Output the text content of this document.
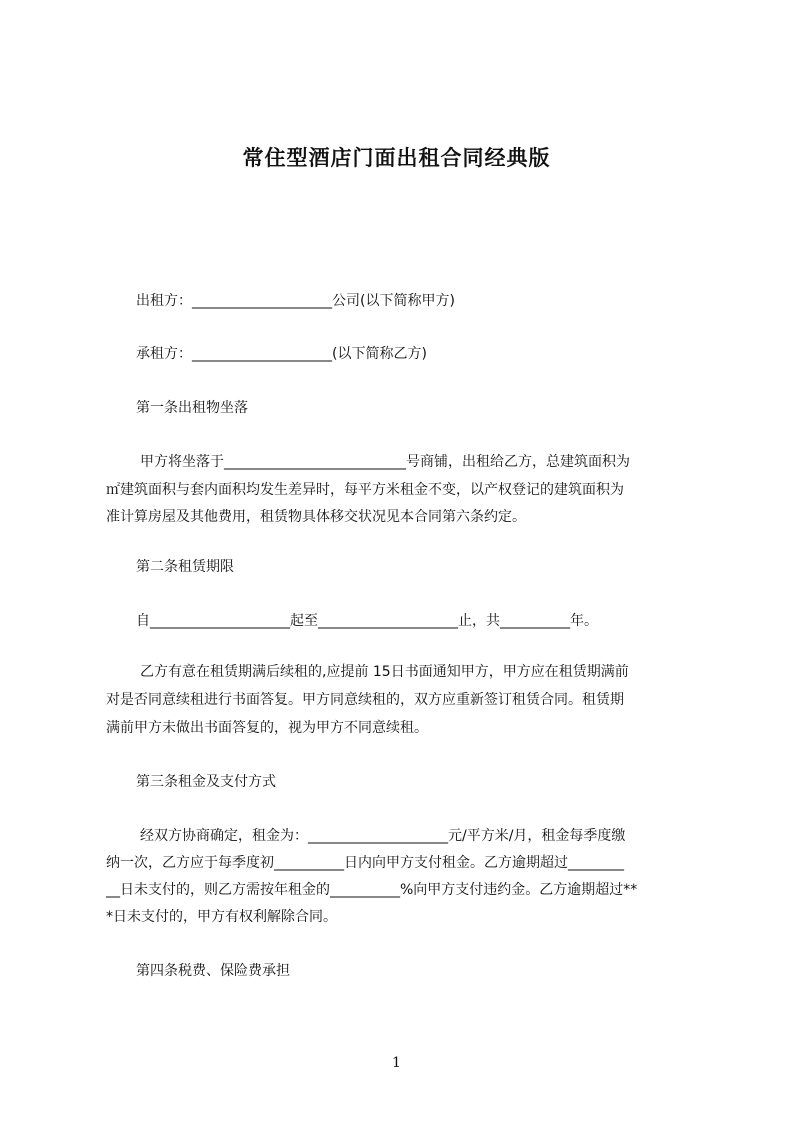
常住型酒店门面出租合同经典版
出租方：____________________公司(以下简称甲方)
承租方：____________________(以下简称乙方)
第一条出租物坐落
甲方将坐落于__________________________号商铺，出租给乙方，总建筑面积为
㎡建筑面积与套内面积均发生差异时，每平方米租金不变，以产权登记的建筑面积为
准计算房屋及其他费用，租赁物具体移交状况见本合同第六条约定。
第二条租赁期限
自____________________起至____________________止，共__________年。
乙方有意在租赁期满后续租的,应提前 15日书面通知甲方，甲方应在租赁期满前
对是否同意续租进行书面答复。甲方同意续租的，双方应重新签订租赁合同。租赁期
满前甲方未做出书面答复的，视为甲方不同意续租。
第三条租金及支付方式
经双方协商确定，租金为：____________________元/平方米/月，租金每季度缴
纳一次，乙方应于每季度初__________日内向甲方支付租金。乙方逾期超过________
__日未支付的，则乙方需按年租金的__________%向甲方支付违约金。乙方逾期超过**
*日未支付的，甲方有权利解除合同。
第四条税费、保险费承担
1
